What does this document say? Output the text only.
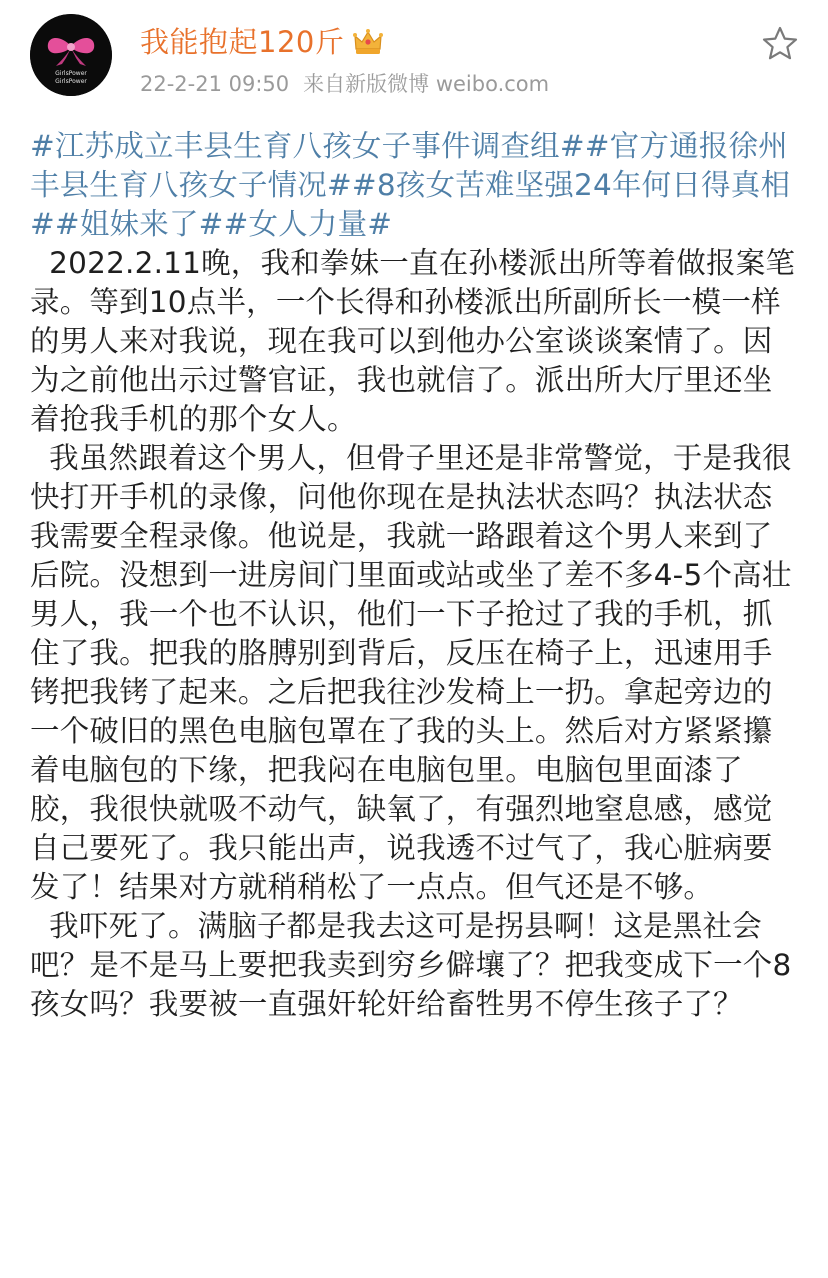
GirlsPower
GirlsPower
我能抱起120斤
22-2-21 09:50 来自新版微博 weibo.com

#江苏成立丰县生育八孩女子事件调查组##官方通报徐州丰县生育八孩女子情况##8孩女苦难坚强24年何日得真相##姐妹来了##女人力量#

2022.2.11晚，我和拳妹一直在孙楼派出所等着做报案笔录。等到10点半，一个长得和孙楼派出所副所长一模一样的男人来对我说，现在我可以到他办公室谈谈案情了。因为之前他出示过警官证，我也就信了。派出所大厅里还坐着抢我手机的那个女人。

我虽然跟着这个男人，但骨子里还是非常警觉，于是我很快打开手机的录像，问他你现在是执法状态吗？执法状态我需要全程录像。他说是，我就一路跟着这个男人来到了后院。没想到一进房间门里面或站或坐了差不多4-5个高壮男人，我一个也不认识，他们一下子抢过了我的手机，抓住了我。把我的胳膊别到背后，反压在椅子上，迅速用手铐把我铐了起来。之后把我往沙发椅上一扔。拿起旁边的一个破旧的黑色电脑包罩在了我的头上。然后对方紧紧攥着电脑包的下缘，把我闷在电脑包里。电脑包里面漆了胶，我很快就吸不动气，缺氧了，有强烈地窒息感，感觉自己要死了。我只能出声，说我透不过气了，我心脏病要发了！结果对方就稍稍松了一点点。但气还是不够。

我吓死了。满脑子都是我去这可是拐县啊！这是黑社会吧？是不是马上要把我卖到穷乡僻壤了？把我变成下一个8孩女吗？我要被一直强奸轮奸给畜牲男不停生孩子了？
